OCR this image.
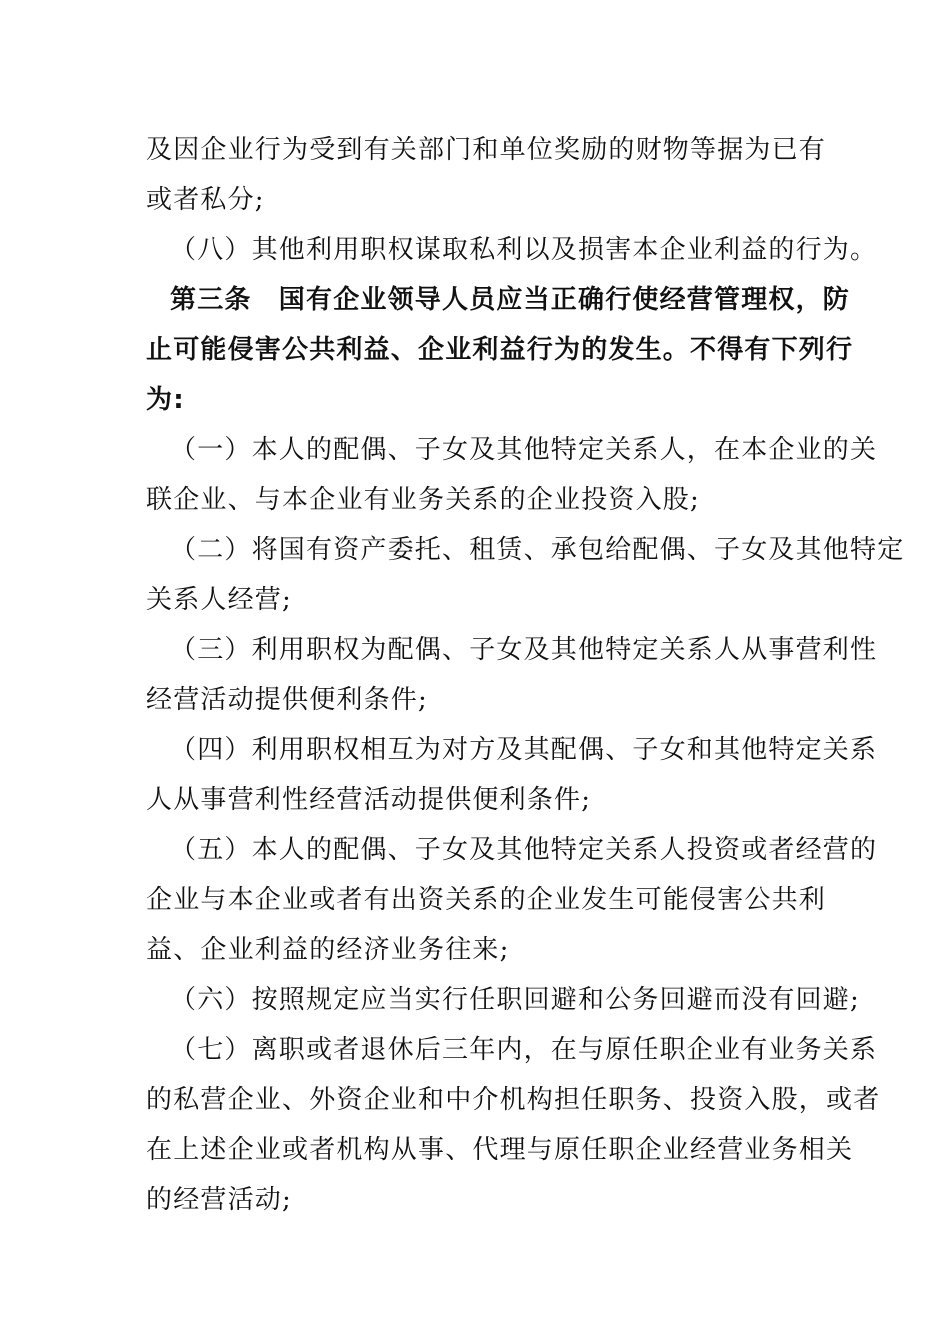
及因企业行为受到有关部门和单位奖励的财物等据为已有
或者私分;
（八）其他利用职权谋取私利以及损害本企业利益的行为。
第三条　国有企业领导人员应当正确行使经营管理权，防
止可能侵害公共利益、企业利益行为的发生。不得有下列行
为:
（一）本人的配偶、子女及其他特定关系人，在本企业的关
联企业、与本企业有业务关系的企业投资入股;
（二）将国有资产委托、租赁、承包给配偶、子女及其他特定
关系人经营;
（三）利用职权为配偶、子女及其他特定关系人从事营利性
经营活动提供便利条件;
（四）利用职权相互为对方及其配偶、子女和其他特定关系
人从事营利性经营活动提供便利条件;
（五）本人的配偶、子女及其他特定关系人投资或者经营的
企业与本企业或者有出资关系的企业发生可能侵害公共利
益、企业利益的经济业务往来;
（六）按照规定应当实行任职回避和公务回避而没有回避;
（七）离职或者退休后三年内，在与原任职企业有业务关系
的私营企业、外资企业和中介机构担任职务、投资入股，或者
在上述企业或者机构从事、代理与原任职企业经营业务相关
的经营活动;
